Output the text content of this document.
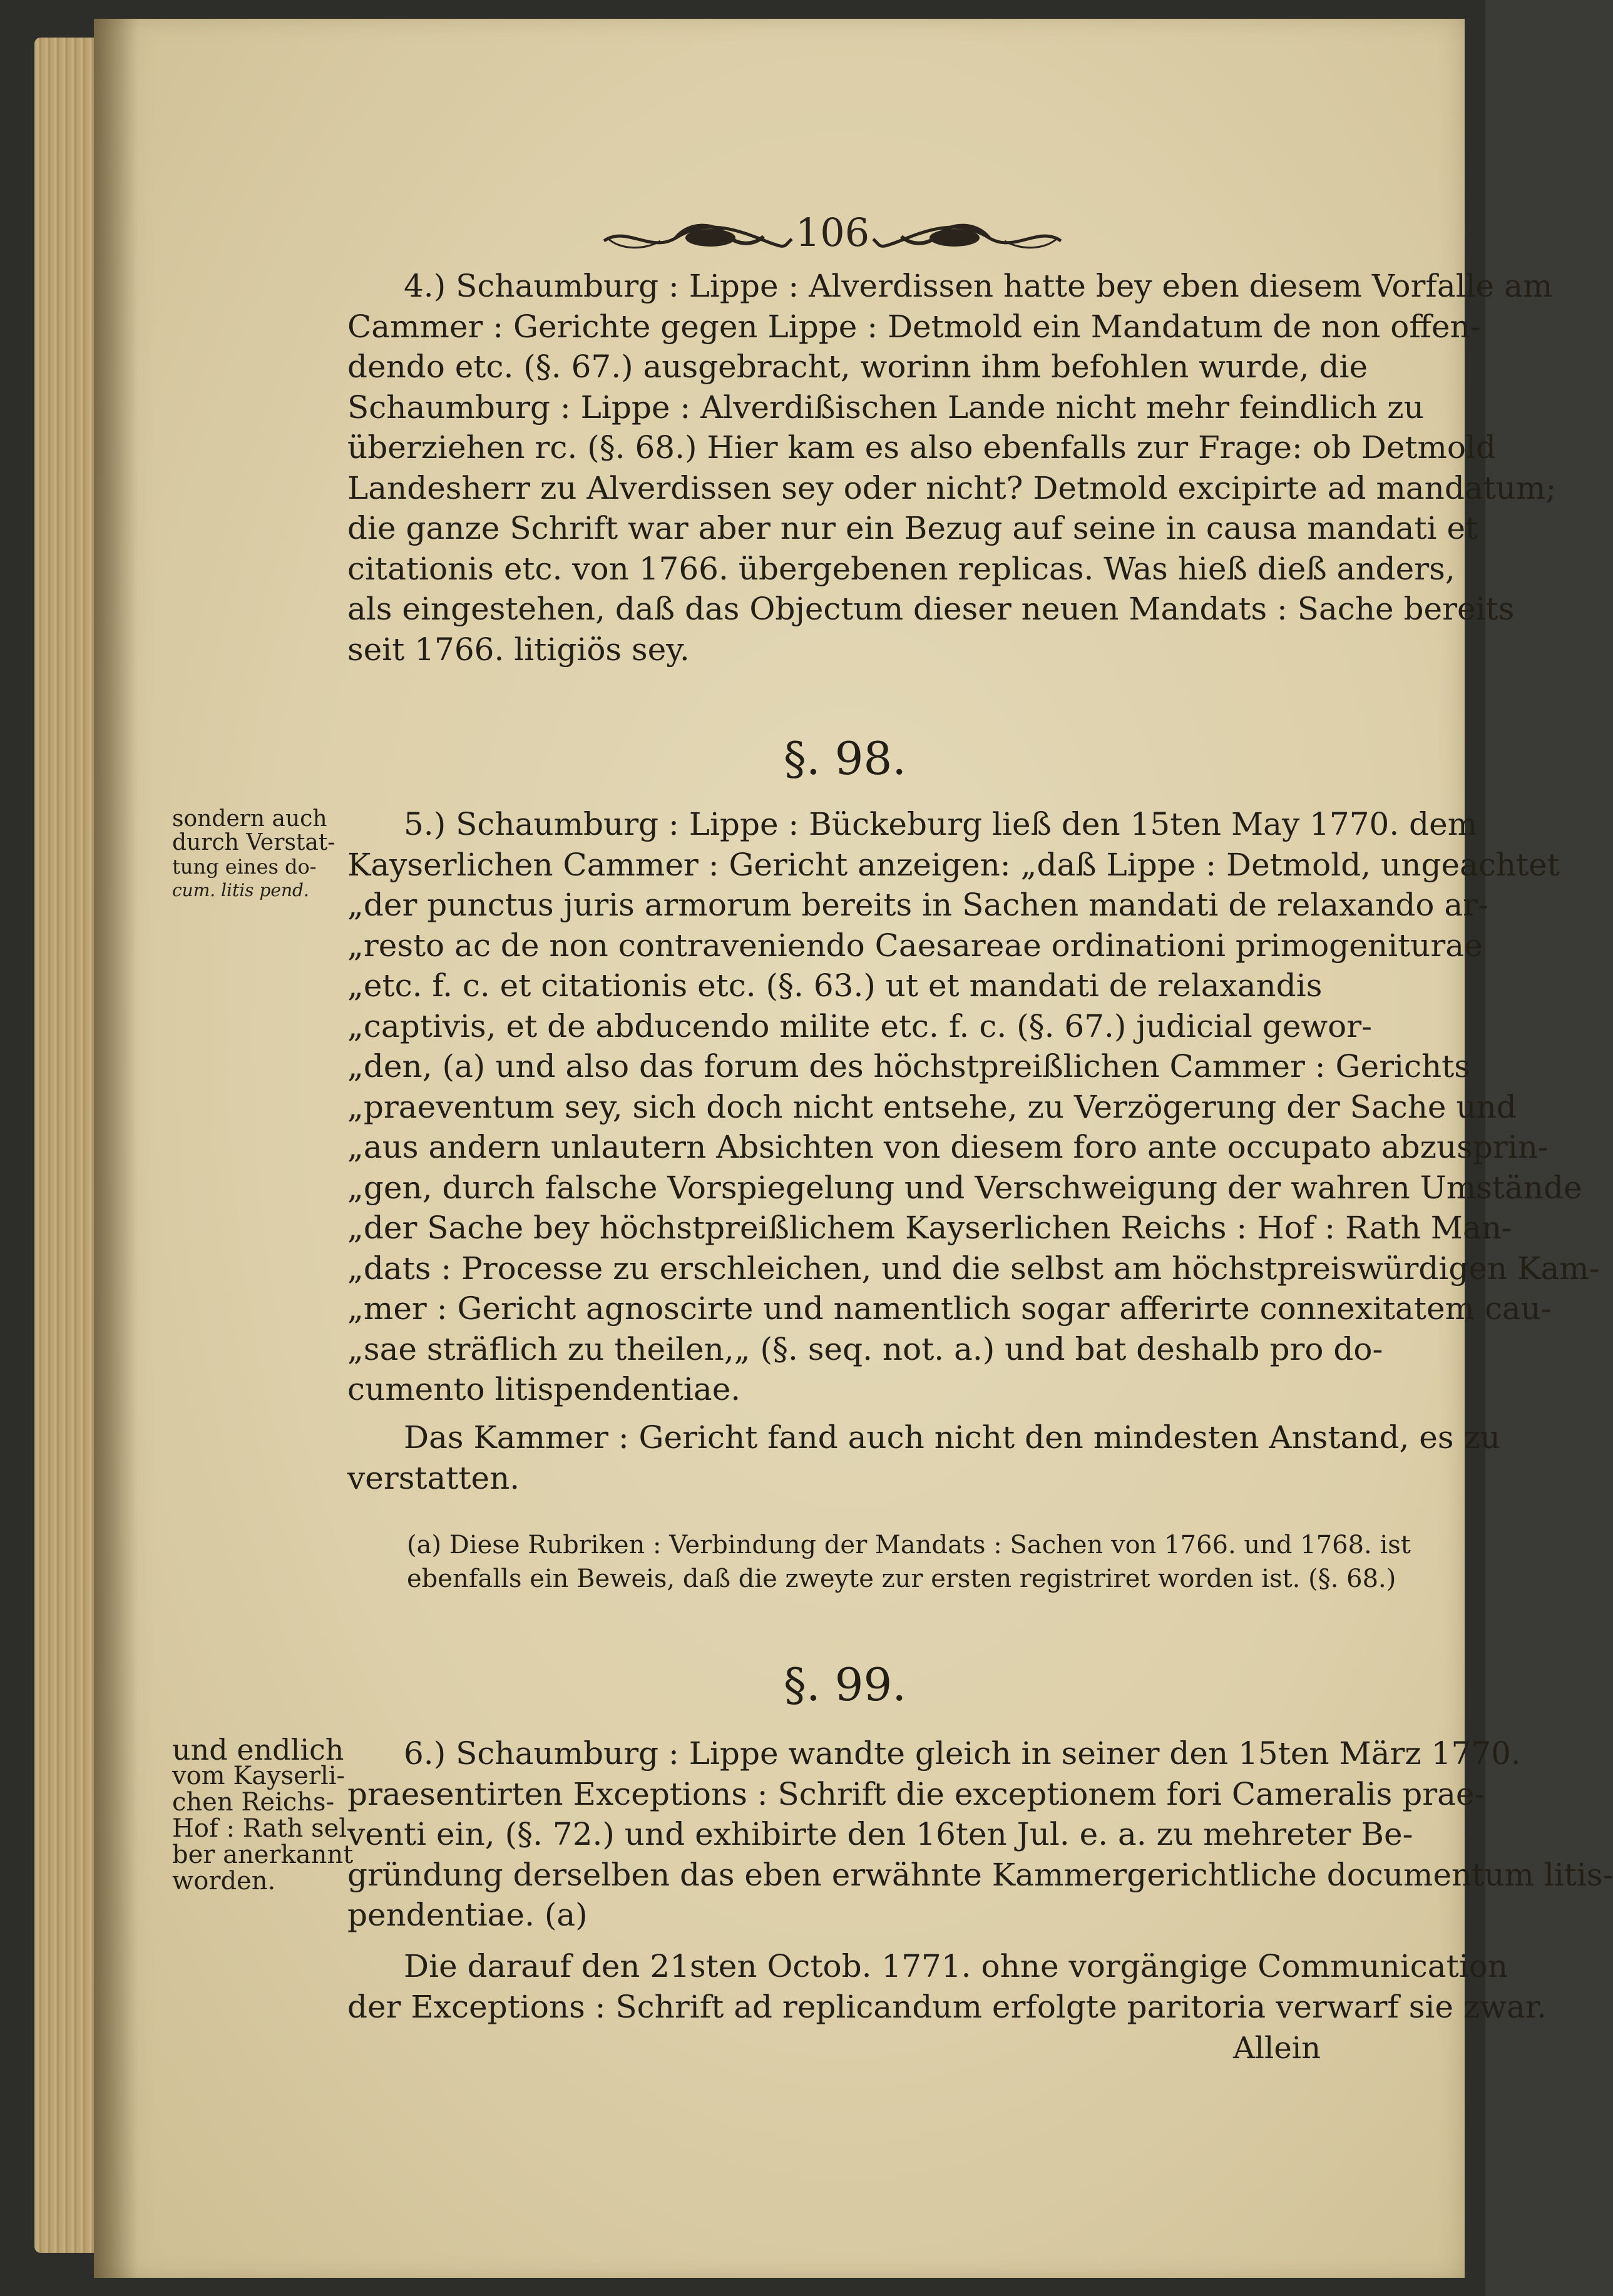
106
4.) Schaumburg : Lippe : Alverdissen hatte bey eben diesem Vorfalle am
Cammer : Gerichte gegen Lippe : Detmold ein Mandatum de non offen-
dendo etc. (§. 67.) ausgebracht, worinn ihm befohlen wurde, die
Schaumburg : Lippe : Alverdißischen Lande nicht mehr feindlich zu
überziehen rc. (§. 68.) Hier kam es also ebenfalls zur Frage: ob Detmold
Landesherr zu Alverdissen sey oder nicht? Detmold excipirte ad mandatum;
die ganze Schrift war aber nur ein Bezug auf seine in causa mandati et
citationis etc. von 1766. übergebenen replicas. Was hieß dieß anders,
als eingestehen, daß das Objectum dieser neuen Mandats : Sache bereits
seit 1766. litigiös sey.
§. 98.
sondern auch
durch Verstat-
tung eines do-
cum. litis pend.
5.) Schaumburg : Lippe : Bückeburg ließ den 15ten May 1770. dem
Kayserlichen Cammer : Gericht anzeigen: „daß Lippe : Detmold, ungeachtet
„der punctus juris armorum bereits in Sachen mandati de relaxando ar-
„resto ac de non contraveniendo Caesareae ordinationi primogeniturae
„etc. f. c. et citationis etc. (§. 63.) ut et mandati de relaxandis
„captivis, et de abducendo milite etc. f. c. (§. 67.) judicial gewor-
„den, (a) und also das forum des höchstpreißlichen Cammer : Gerichts
„praeventum sey, sich doch nicht entsehe, zu Verzögerung der Sache und
„aus andern unlautern Absichten von diesem foro ante occupato abzusprin-
„gen, durch falsche Vorspiegelung und Verschweigung der wahren Umstände
„der Sache bey höchstpreißlichem Kayserlichen Reichs : Hof : Rath Man-
„dats : Processe zu erschleichen, und die selbst am höchstpreiswürdigen Kam-
„mer : Gericht agnoscirte und namentlich sogar afferirte connexitatem cau-
„sae sträflich zu theilen,„ (§. seq. not. a.) und bat deshalb pro do-
cumento litispendentiae.
Das Kammer : Gericht fand auch nicht den mindesten Anstand, es zu
verstatten.
(a) Diese Rubriken : Verbindung der Mandats : Sachen von 1766. und 1768. ist
ebenfalls ein Beweis, daß die zweyte zur ersten registriret worden ist. (§. 68.)
§. 99.
und endlich
vom Kayserli-
chen Reichs-
Hof : Rath sel-
ber anerkannt
worden.
6.) Schaumburg : Lippe wandte gleich in seiner den 15ten März 1770.
praesentirten Exceptions : Schrift die exceptionem fori Cameralis prae-
venti ein, (§. 72.) und exhibirte den 16ten Jul. e. a. zu mehreter Be-
gründung derselben das eben erwähnte Kammergerichtliche documentum litis-
pendentiae. (a)
Die darauf den 21sten Octob. 1771. ohne vorgängige Communication
der Exceptions : Schrift ad replicandum erfolgte paritoria verwarf sie zwar.
Allein
